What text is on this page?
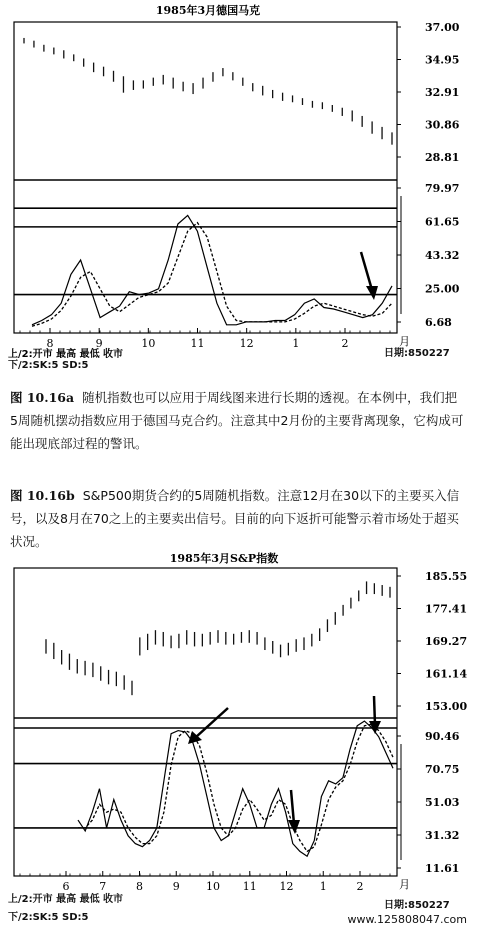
1985年3月德国马克
37.00
34.95
32.91
30.86
28.81
79.97
61.65
43.32
25.00
6.68
8	9	10	11	12	1	2	月
上/2:开市 最高 最低 收市
下/2:SK:5 SD:5
日期:850227
图 10.16a 随机指数也可以应用于周线图来进行长期的透视。在本例中，我们把5周随机摆动指数应用于德国马克合约。注意其中2月份的主要背离现象，它构成可能出现底部过程的警讯。
图 10.16b S&P500期货合约的5周随机指数。注意12月在30以下的主要买入信号，以及8月在70之上的主要卖出信号。目前的向下返折可能警示着市场处于超买状况。
1985年3月S&P指数
185.55
177.41
169.27
161.14
153.00
90.46
70.75
51.03
31.32
11.61
6	7	8	9 10 11 12 1	2	月
上/2:开市 最高 最低 收市
下/2:SK:5 SD:5
日期:850227
www.125808047.com
